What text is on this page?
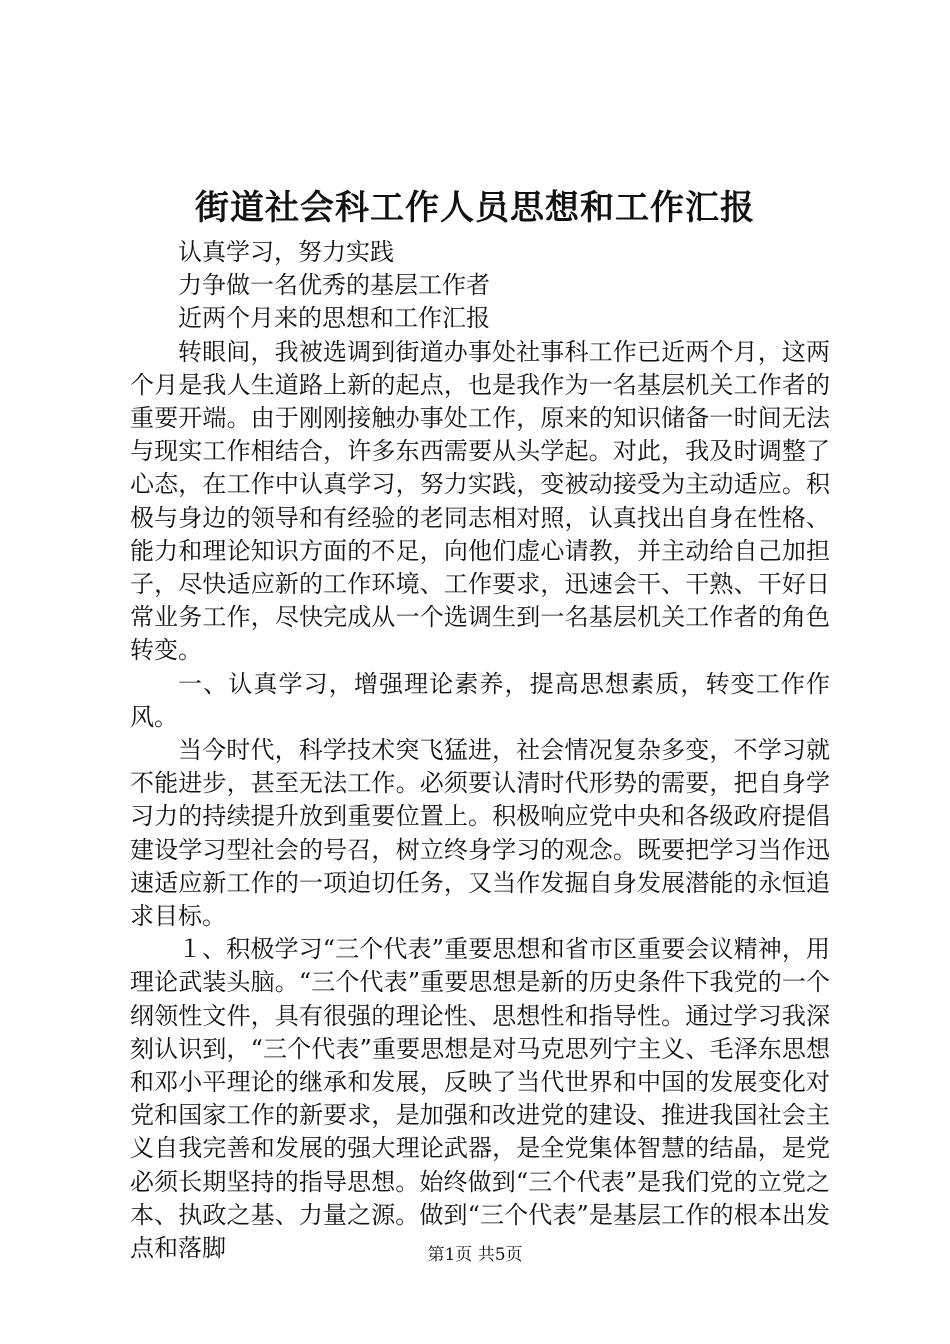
街道社会科工作人员思想和工作汇报

认真学习，努力实践

力争做一名优秀的基层工作者

近两个月来的思想和工作汇报

转眼间，我被选调到街道办事处社事科工作已近两个月，这两个月是我人生道路上新的起点，也是我作为一名基层机关工作者的重要开端。由于刚刚接触办事处工作，原来的知识储备一时间无法与现实工作相结合，许多东西需要从头学起。对此，我及时调整了心态，在工作中认真学习，努力实践，变被动接受为主动适应。积极与身边的领导和有经验的老同志相对照，认真找出自身在性格、能力和理论知识方面的不足，向他们虚心请教，并主动给自己加担子，尽快适应新的工作环境、工作要求，迅速会干、干熟、干好日常业务工作，尽快完成从一个选调生到一名基层机关工作者的角色转变。

一、认真学习，增强理论素养，提高思想素质，转变工作作风。

当今时代，科学技术突飞猛进，社会情况复杂多变，不学习就不能进步，甚至无法工作。必须要认清时代形势的需要，把自身学习力的持续提升放到重要位置上。积极响应党中央和各级政府提倡建设学习型社会的号召，树立终身学习的观念。既要把学习当作迅速适应新工作的一项迫切任务，又当作发掘自身发展潜能的永恒追求目标。

１、积极学习“三个代表”重要思想和省市区重要会议精神，用理论武装头脑。“三个代表”重要思想是新的历史条件下我党的一个纲领性文件，具有很强的理论性、思想性和指导性。通过学习我深刻认识到，“三个代表”重要思想是对马克思列宁主义、毛泽东思想和邓小平理论的继承和发展，反映了当代世界和中国的发展变化对党和国家工作的新要求，是加强和改进党的建设、推进我国社会主义自我完善和发展的强大理论武器，是全党集体智慧的结晶，是党必须长期坚持的指导思想。始终做到“三个代表”是我们党的立党之本、执政之基、力量之源。做到“三个代表”是基层工作的根本出发点和落脚	第1页 共5页
